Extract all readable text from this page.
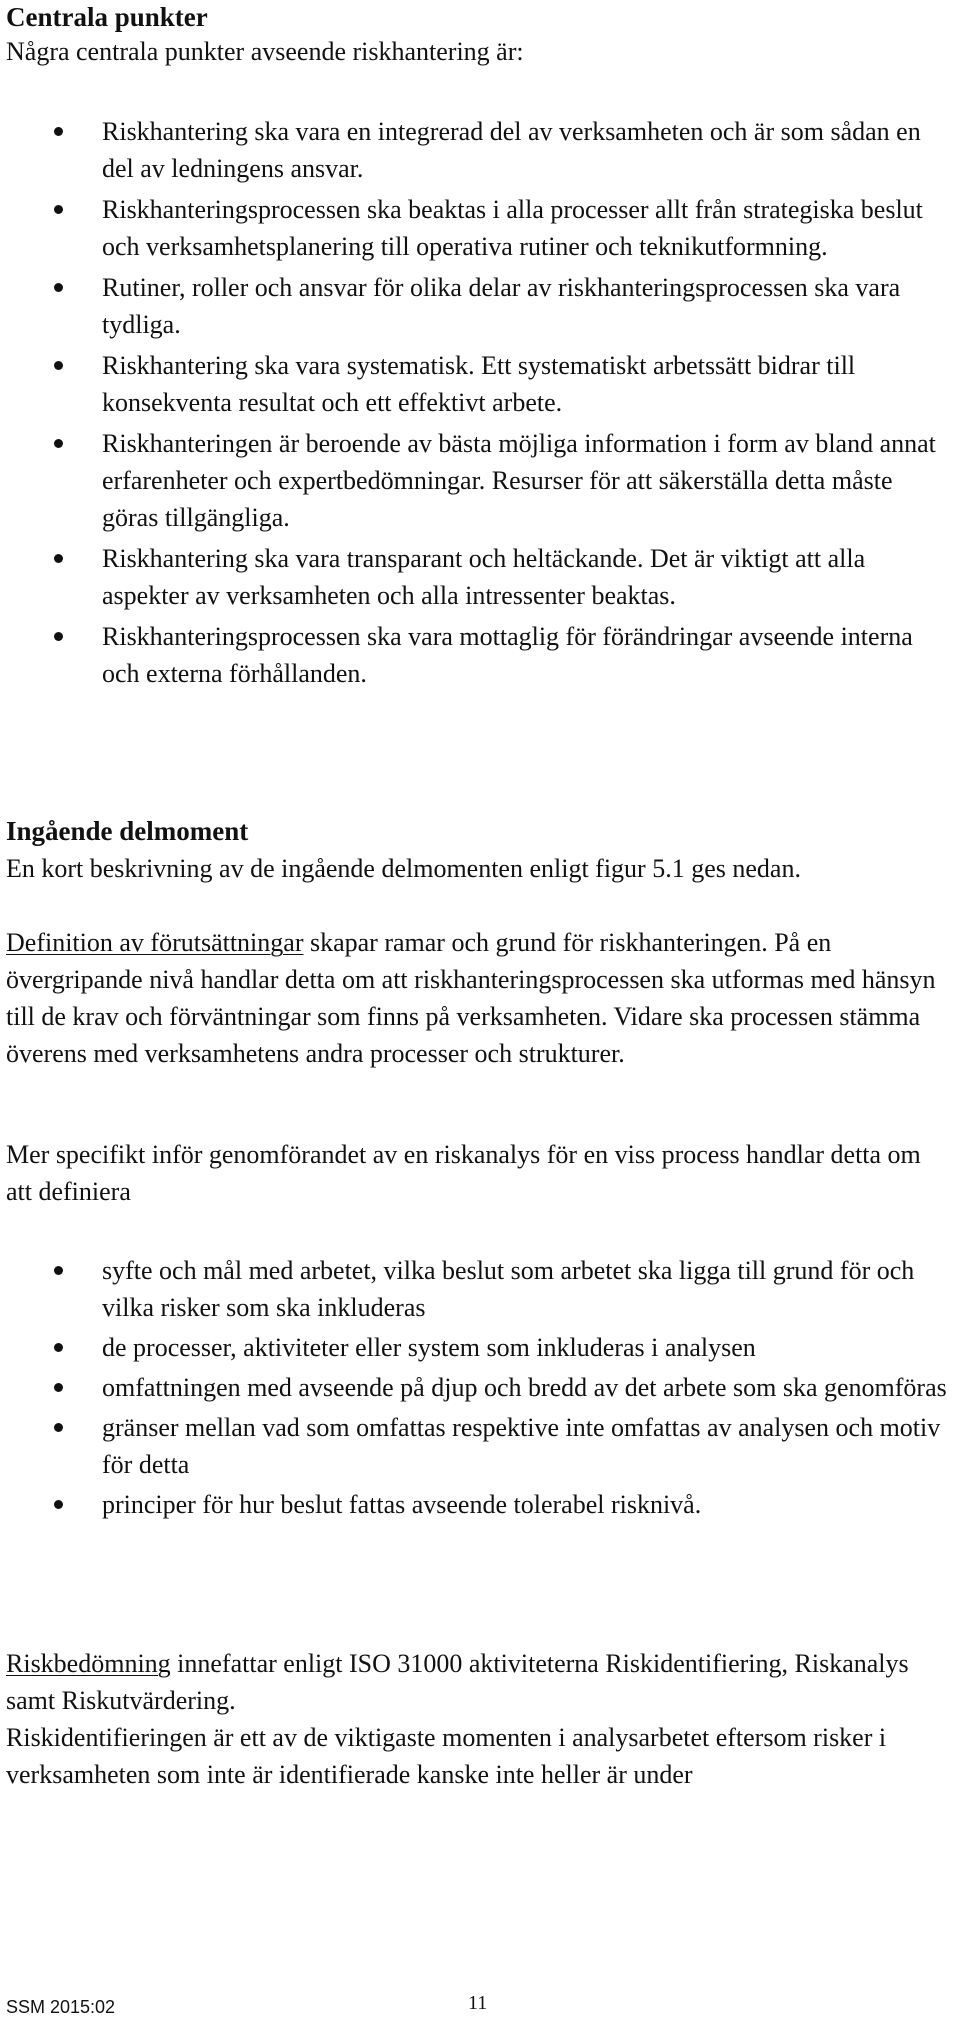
Centrala punkter

Några centrala punkter avseende riskhantering är:

Riskhantering ska vara en integrerad del av verksamheten och är som sådan en del av ledningens ansvar.
Riskhanteringsprocessen ska beaktas i alla processer allt från strategiska beslut och verksamhetsplanering till operativa rutiner och teknikutformning.
Rutiner, roller och ansvar för olika delar av riskhanteringsprocessen ska vara tydliga.
Riskhantering ska vara systematisk. Ett systematiskt arbetssätt bidrar till konsekventa resultat och ett effektivt arbete.
Riskhanteringen är beroende av bästa möjliga information i form av bland annat erfarenheter och expertbedömningar. Resurser för att säkerställa detta måste göras tillgängliga.
Riskhantering ska vara transparant och heltäckande. Det är viktigt att alla aspekter av verksamheten och alla intressenter beaktas.
Riskhanteringsprocessen ska vara mottaglig för förändringar avseende interna och externa förhållanden.
Ingående delmoment

En kort beskrivning av de ingående delmomenten enligt figur 5.1 ges nedan.

Definition av förutsättningar skapar ramar och grund för riskhanteringen. På en övergripande nivå handlar detta om att riskhanteringsprocessen ska utformas med hänsyn till de krav och förväntningar som finns på verksamheten. Vidare ska processen stämma överens med verksamhetens andra processer och strukturer.

Mer specifikt inför genomförandet av en riskanalys för en viss process handlar detta om att definiera

syfte och mål med arbetet, vilka beslut som arbetet ska ligga till grund för och vilka risker som ska inkluderas
de processer, aktiviteter eller system som inkluderas i analysen
omfattningen med avseende på djup och bredd av det arbete som ska genomföras
gränser mellan vad som omfattas respektive inte omfattas av analysen och motiv för detta
principer för hur beslut fattas avseende tolerabel risknivå.

Riskbedömning innefattar enligt ISO 31000 aktiviteterna Riskidentifiering, Riskanalys samt Riskutvärdering.

Riskidentifieringen är ett av de viktigaste momenten i analysarbetet eftersom risker i verksamheten som inte är identifierade kanske inte heller är under

SSM 2015:02	11
